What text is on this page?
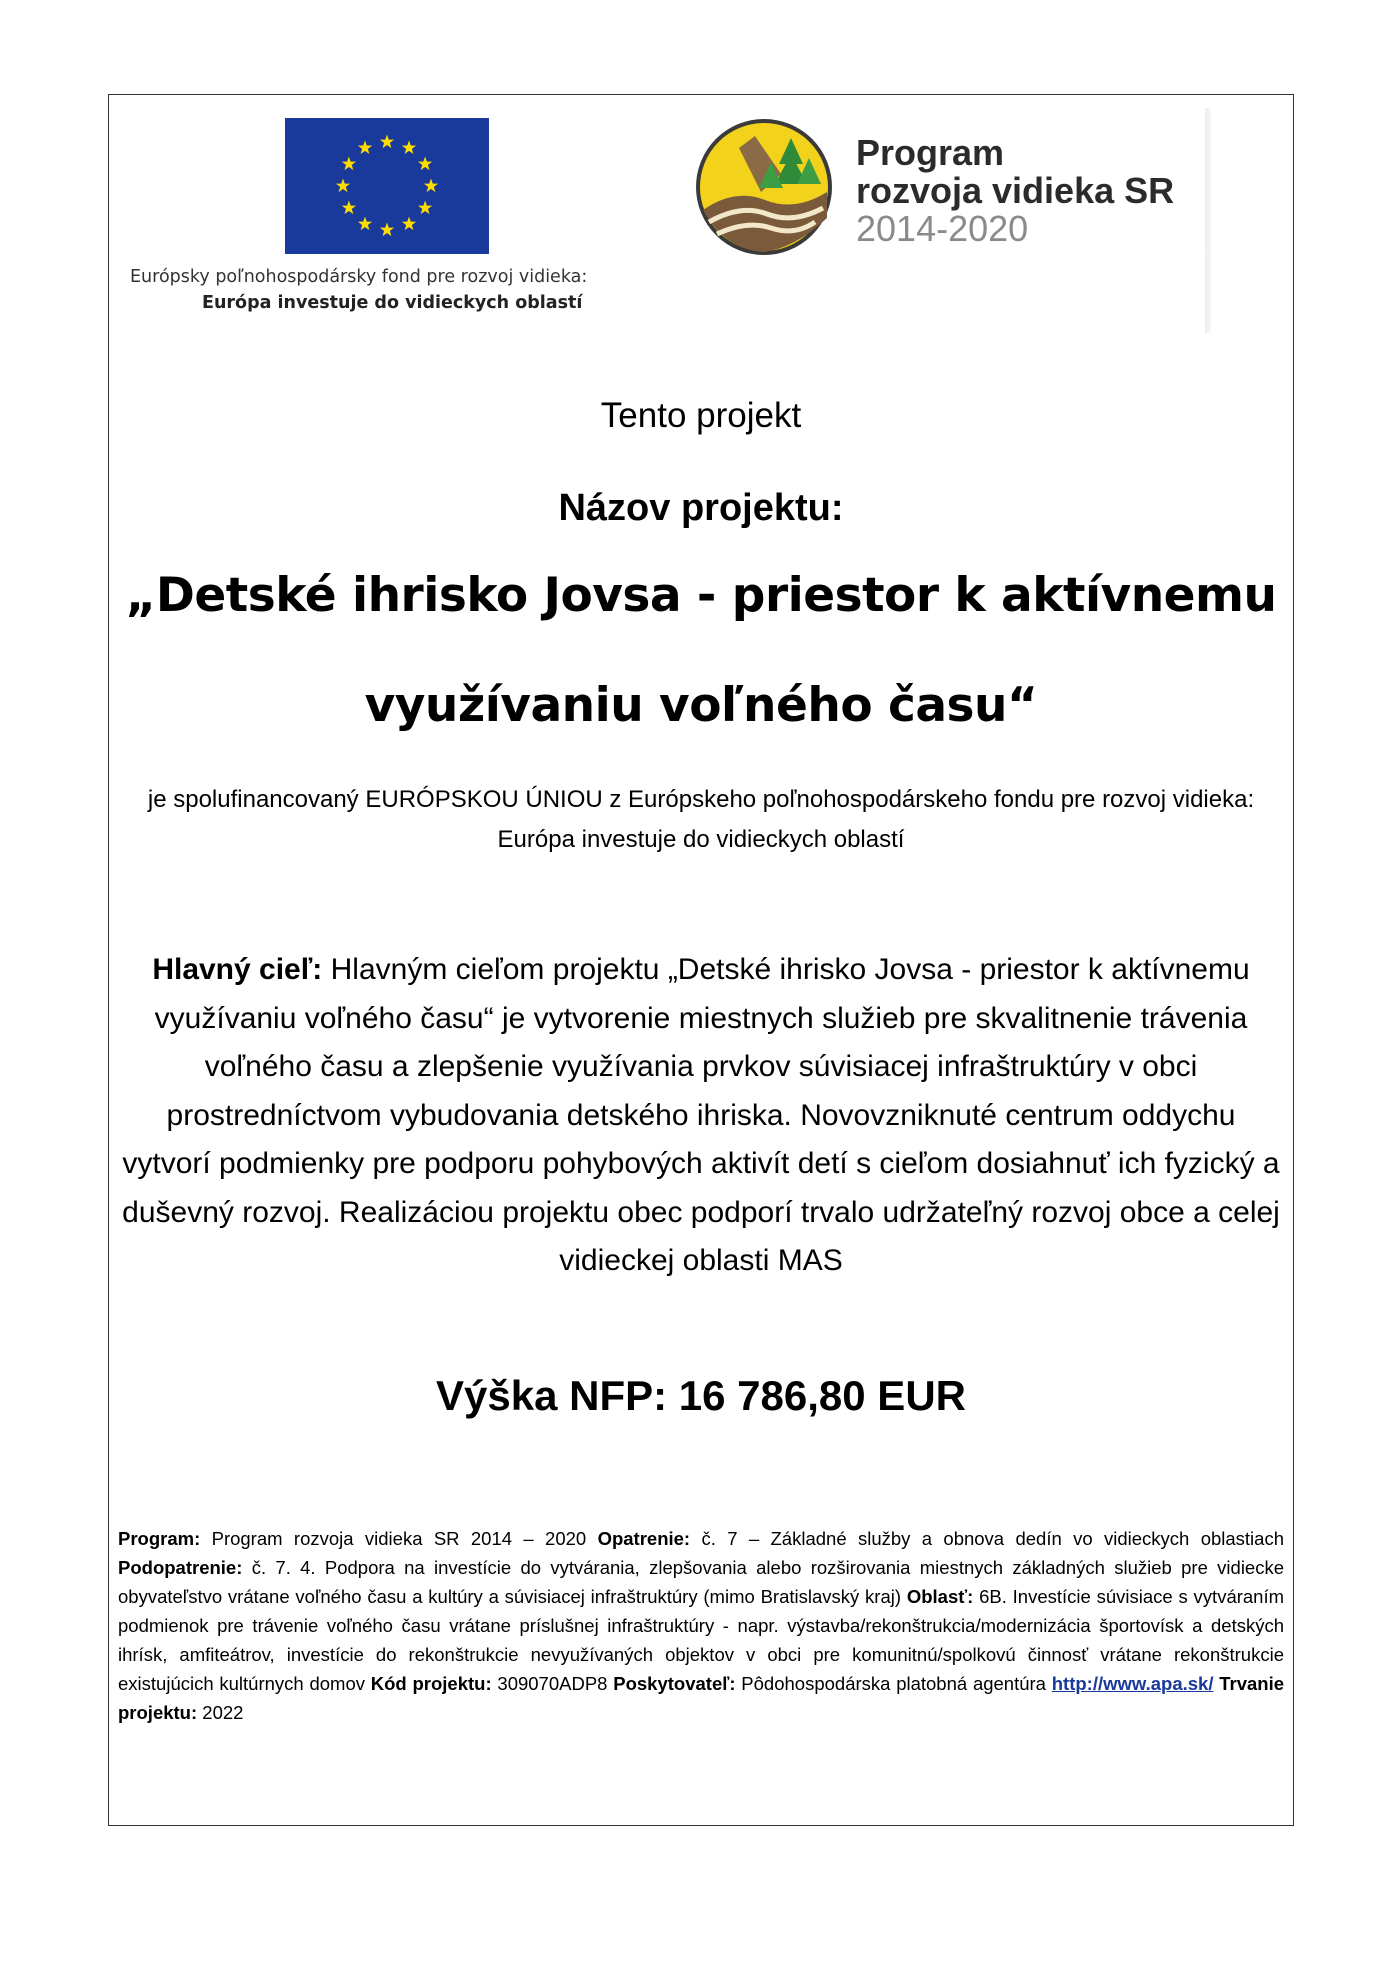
Európsky poľnohospodársky fond pre rozvoj vidieka:
Európa investuje do vidieckych oblastí
Program
rozvoja vidieka SR
2014-2020
Tento projekt
Názov projektu:
„Detské ihrisko Jovsa - priestor k aktívnemu
využívaniu voľného času“
je spolufinancovaný EURÓPSKOU ÚNIOU z Európskeho poľnohospodárskeho fondu pre rozvoj vidieka:
Európa investuje do vidieckych oblastí
Hlavný cieľ: Hlavným cieľom projektu „Detské ihrisko Jovsa - priestor k aktívnemu využívaniu voľného času“ je vytvorenie miestnych služieb pre skvalitnenie trávenia voľného času a zlepšenie využívania prvkov súvisiacej infraštruktúry v obci prostredníctvom vybudovania detského ihriska. Novovzniknuté centrum oddychu vytvorí podmienky pre podporu pohybových aktivít detí s cieľom dosiahnuť ich fyzický a duševný rozvoj. Realizáciou projektu obec podporí trvalo udržateľný rozvoj obce a celej vidieckej oblasti MAS
Výška NFP: 16 786,80 EUR
Program: Program rozvoja vidieka SR 2014 – 2020 Opatrenie: č. 7 – Základné služby a obnova dedín vo vidieckych oblastiach Podopatrenie: č. 7. 4. Podpora na investície do vytvárania, zlepšovania alebo rozširovania miestnych základných služieb pre vidiecke obyvateľstvo vrátane voľného času a kultúry a súvisiacej infraštruktúry (mimo Bratislavský kraj) Oblasť: 6B. Investície súvisiace s vytváraním podmienok pre trávenie voľného času vrátane príslušnej infraštruktúry - napr. výstavba/rekonštrukcia/modernizácia športovísk a detských ihrísk, amfiteátrov, investície do rekonštrukcie nevyužívaných objektov v obci pre komunitnú/spolkovú činnosť vrátane rekonštrukcie existujúcich kultúrnych domov Kód projektu: 309070ADP8 Poskytovateľ: Pôdohospodárska platobná agentúra http://www.apa.sk/ Trvanie projektu: 2022
